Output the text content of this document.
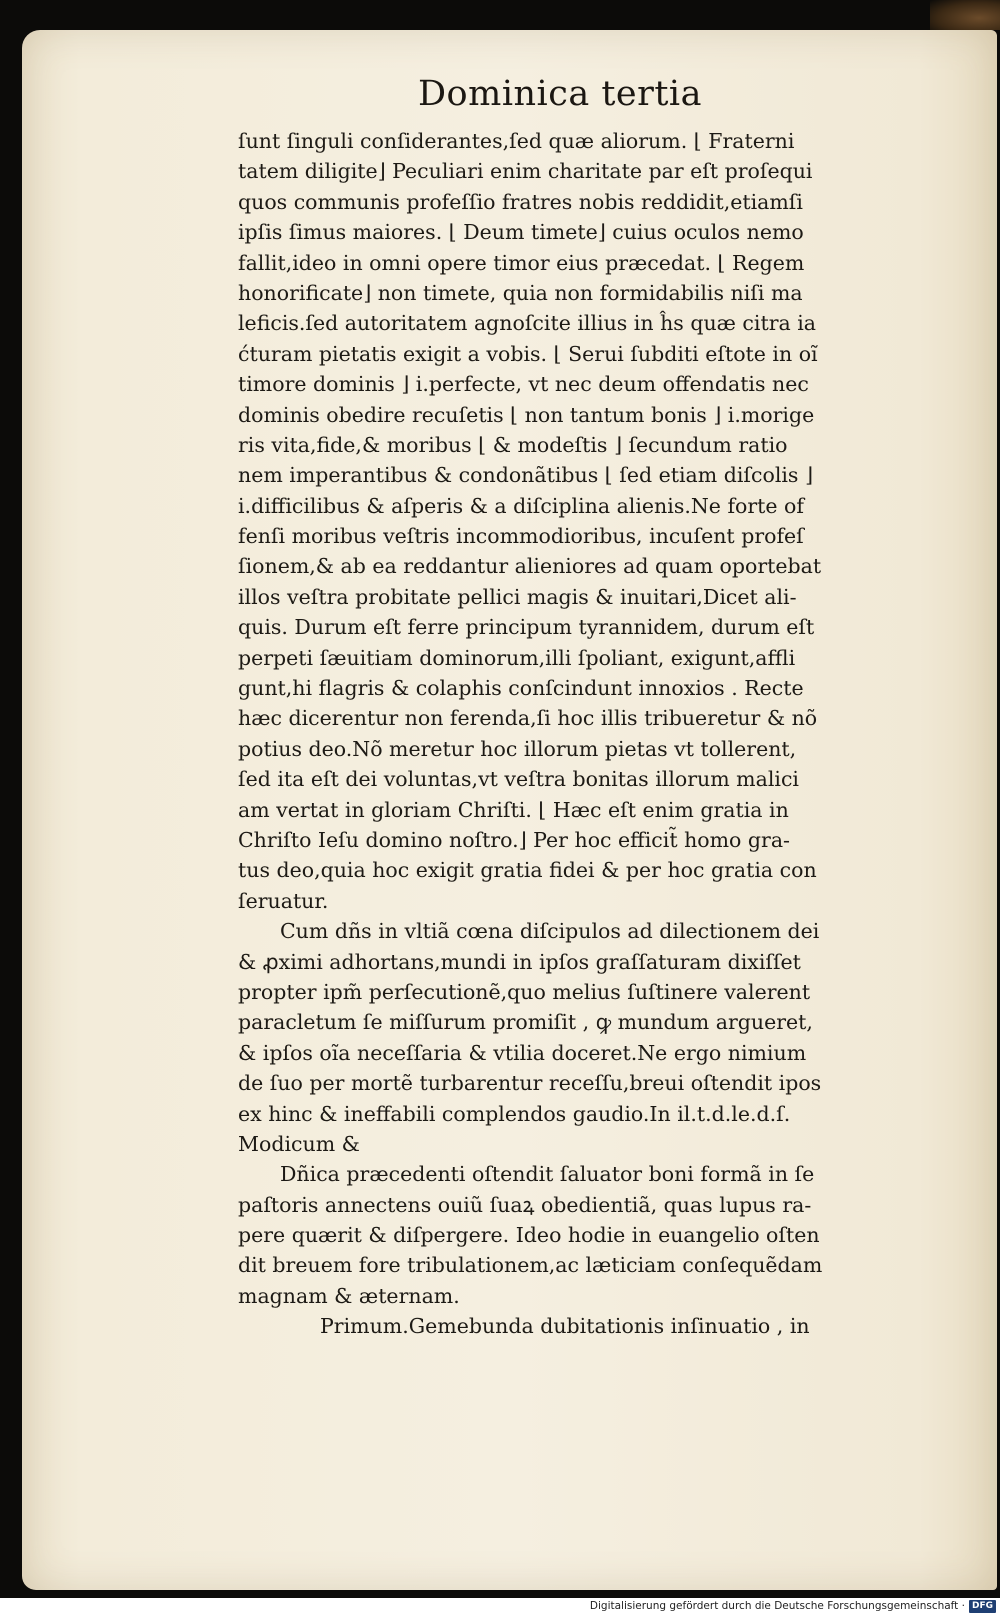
Dominica tertia
ſunt ſinguli conſiderantes,ſed quæ aliorum. ⌊ Fraterni
tatem diligite⌋ Peculiari enim charitate par eſt proſequi
quos communis profeſſio fratres nobis reddidit,etiamſi
ipſis ſimus maiores. ⌊ Deum timete⌋ cuius oculos nemo
fallit,ideo in omni opere timor eius præcedat. ⌊ Regem
honorificate⌋ non timete, quia non formidabilis niſi ma
leficis.ſed autoritatem agnoſcite illius in ĥs quæ citra ia
ćturam pietatis exigit a vobis. ⌊ Serui ſubditi eſtote in oĩ
timore dominis ⌋ i.perfecte, vt nec deum offendatis nec
dominis obedire recuſetis ⌊ non tantum bonis ⌋ i.morige
ris vita,fide,& moribus ⌊ & modeſtis ⌋ ſecundum ratio
nem imperantibus & condonãtibus ⌊ ſed etiam diſcolis ⌋
i.difficilibus & aſperis & a diſciplina alienis.Ne forte of
fenſi moribus veſtris incommodioribus, incuſent profeſ
ſionem,& ab ea reddantur alieniores ad quam oportebat
illos veſtra probitate pellici magis & inuitari,Dicet ali-
quis. Durum eſt ferre principum tyrannidem, durum eſt
perpeti ſæuitiam dominorum,illi ſpoliant, exigunt,affli
gunt,hi flagris & colaphis conſcindunt innoxios . Recte
hæc dicerentur non ferenda,ſi hoc illis tribueretur & nõ
potius deo.Nõ meretur hoc illorum pietas vt tollerent,
ſed ita eſt dei voluntas,vt veſtra bonitas illorum malici
am vertat in gloriam Chriſti. ⌊ Hæc eſt enim gratia in
Chriſto Ieſu domino noſtro.⌋ Per hoc efficit̃ homo gra-
tus deo,quia hoc exigit gratia fidei & per hoc gratia con
ſeruatur.
Cum dñs in vltiã cœna diſcipulos ad dilectionem dei
& ꝓximi adhortans,mundi in ipſos graſſaturam dixiſſet
propter ipm̃ perſecutionẽ,quo melius ſuſtinere valerent
paracletum ſe miſſurum promiſit , ꝙ mundum argueret,
& ipſos oĩa neceſſaria & vtilia doceret.Ne ergo nimium
de ſuo per mortẽ turbarentur receſſu,breui oſtendit ipos
ex hinc & ineffabili complendos gaudio.In il.t.d.le.d.ſ.
Modicum &
Dñica præcedenti oſtendit ſaluator boni formã in ſe
paſtoris annectens ouiũ ſuaꝝ obedientiã, quas lupus ra-
pere quærit & diſpergere. Ideo hodie in euangelio oſten
dit breuem fore tribulationem,ac læticiam conſequẽdam
magnam & æternam.
Primum.Gemebunda dubitationis inſinuatio , in
Digitalisierung gefördert durch die Deutsche Forschungsgemeinschaft · DFG
